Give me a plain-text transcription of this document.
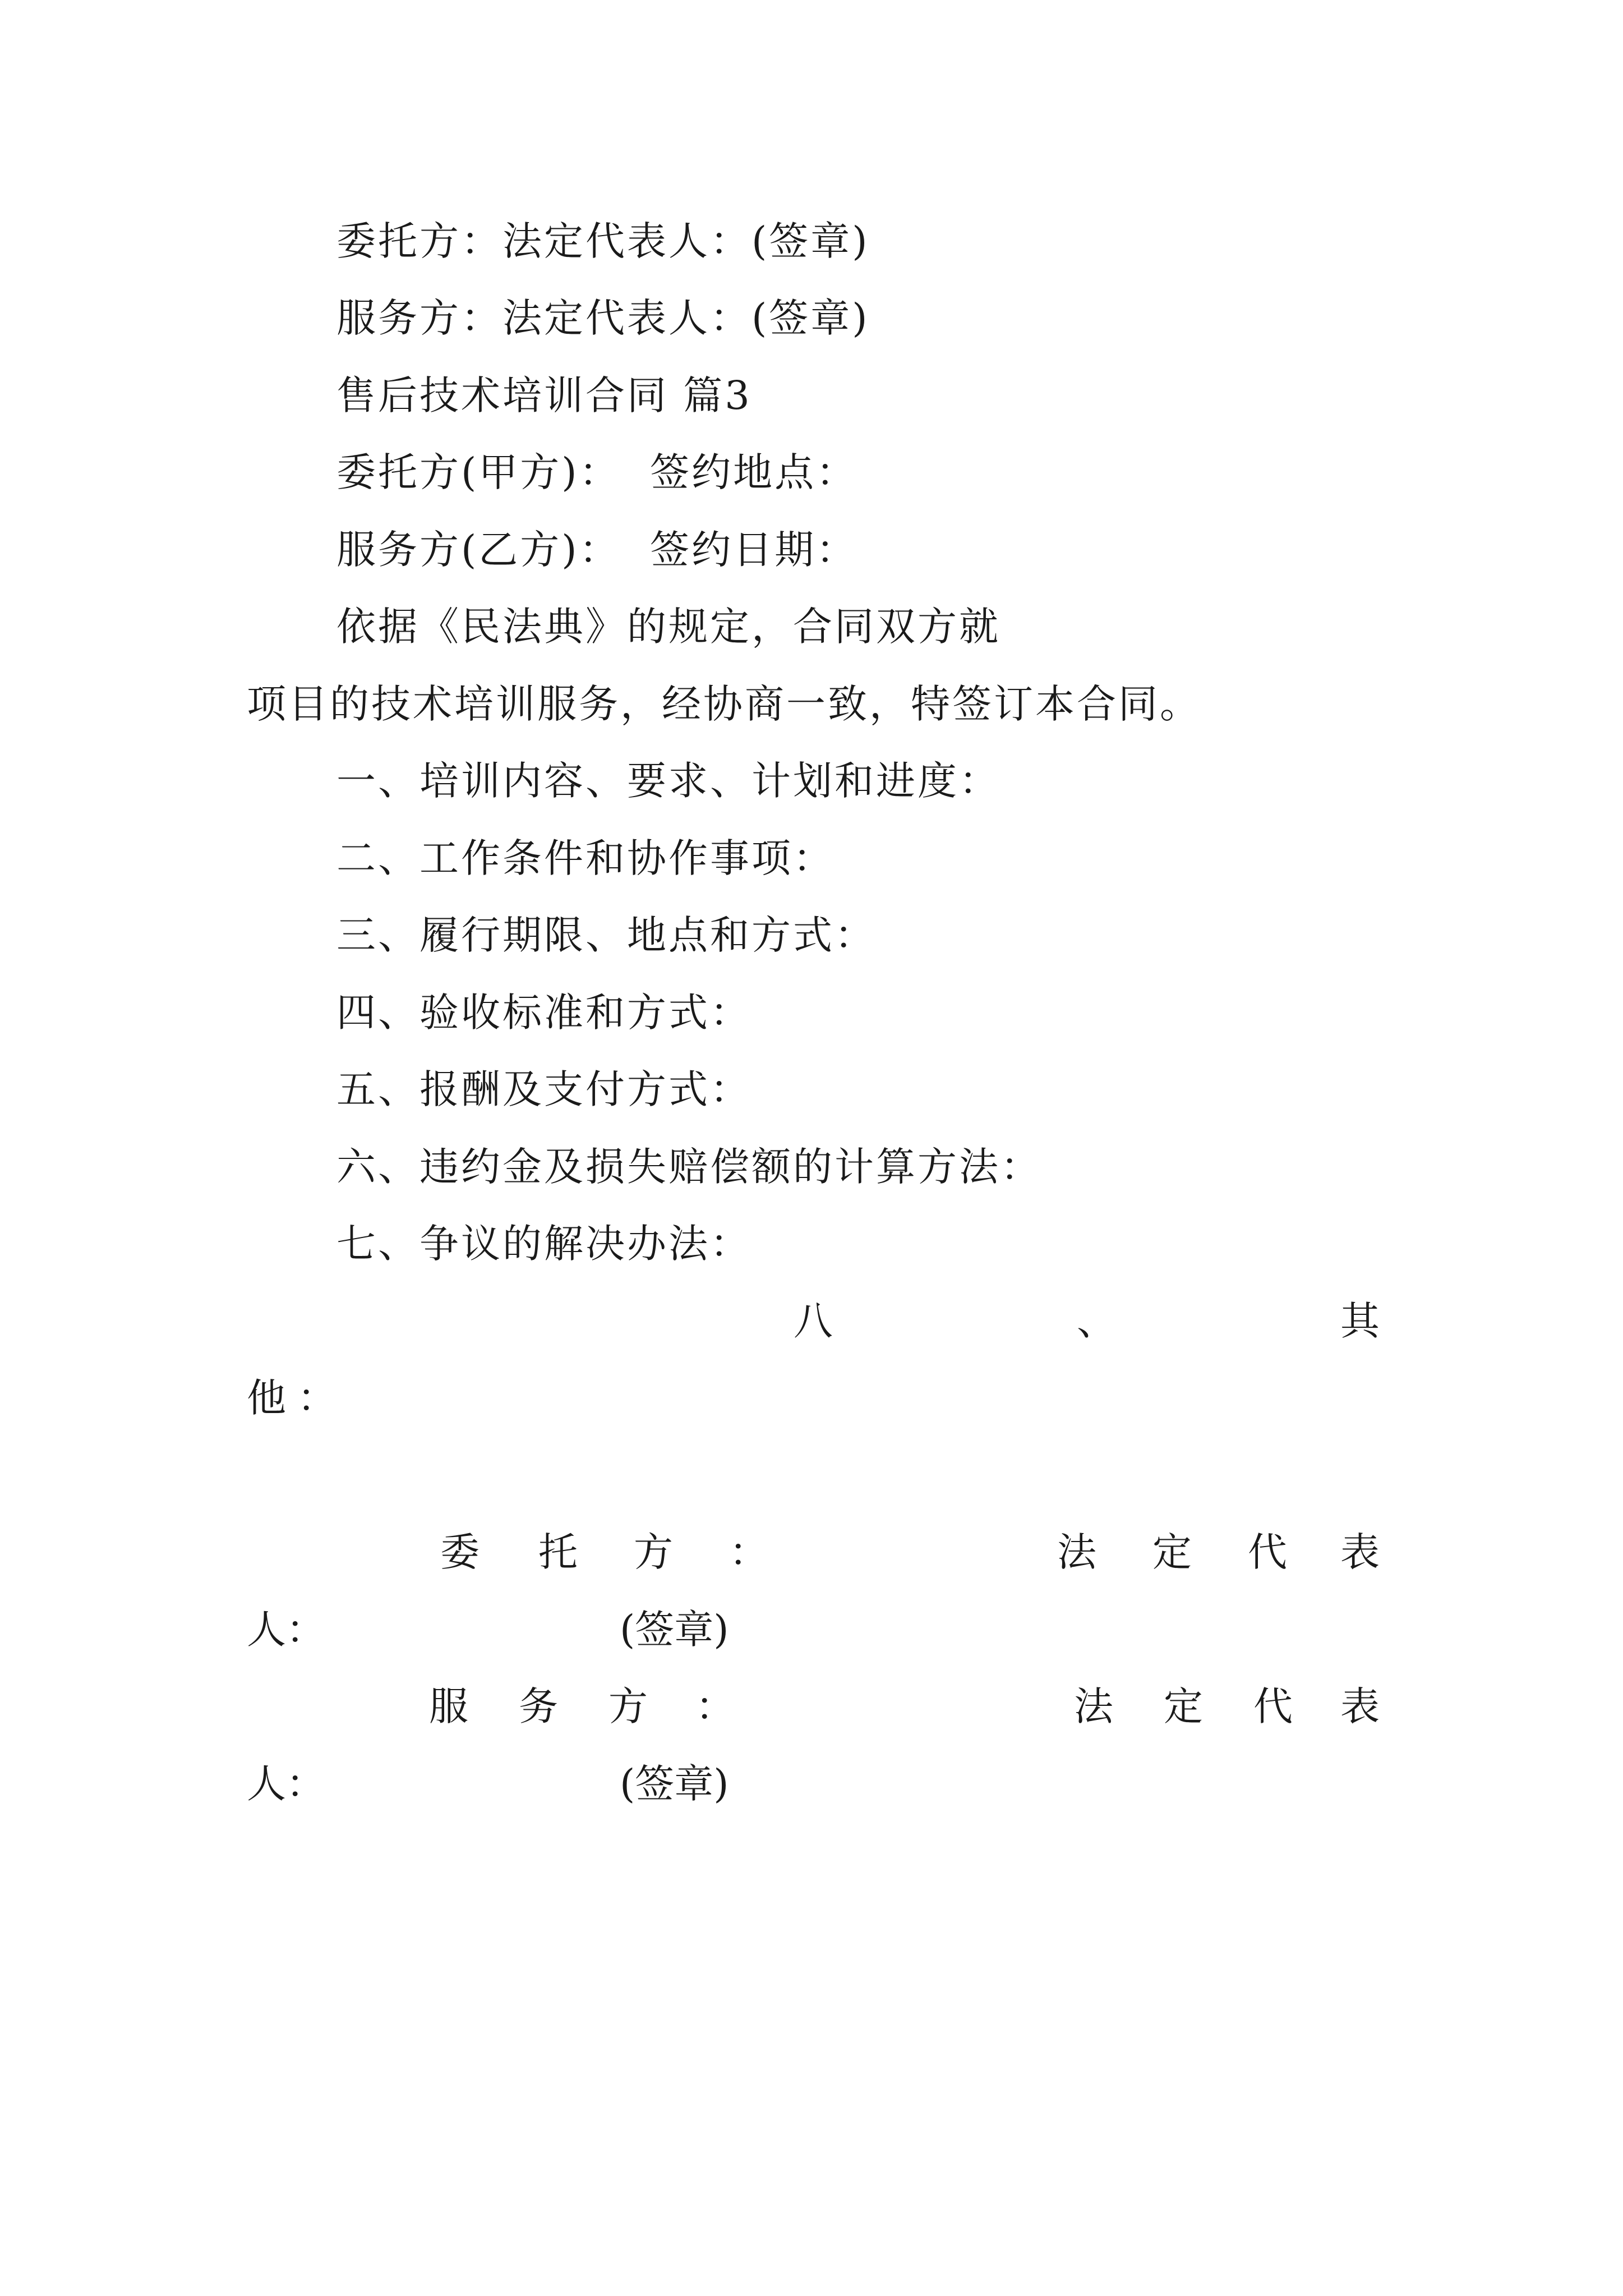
委托方：法定代表人：(签章)
服务方：法定代表人：(签章)
售后技术培训合同 篇3
委托方(甲方)：  签约地点：
服务方(乙方)：  签约日期：
依据《民法典》的规定，合同双方就
项目的技术培训服务，经协商一致，特签订本合同。
一、培训内容、要求、计划和进度：
二、工作条件和协作事项：
三、履行期限、地点和方式：
四、验收标准和方式：
五、报酬及支付方式：
六、违约金及损失赔偿额的计算方法：
七、争议的解决办法：
八	、	其
他：
委 托 方 ：	法 定 代 表
人：	(签章)
服 务 方 ：	法 定 代 表
人：	(签章)
